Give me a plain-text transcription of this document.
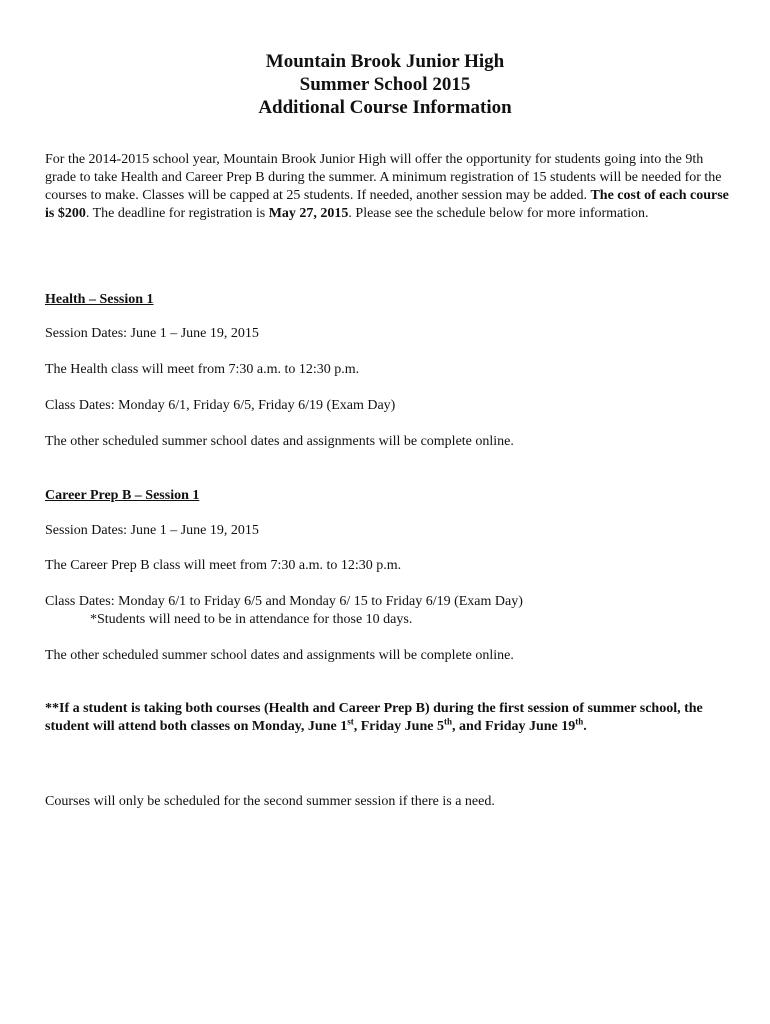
Mountain Brook Junior High

Summer School 2015

Additional Course Information

For the 2014-2015 school year, Mountain Brook Junior High will offer the opportunity for students going into the 9th grade to take Health and Career Prep B during the summer. A minimum registration of 15 students will be needed for the courses to make. Classes will be capped at 25 students. If needed, another session may be added. The cost of each course is $200. The deadline for registration is May 27, 2015. Please see the schedule below for more information.

Health – Session 1

Session Dates: June 1 – June 19, 2015

The Health class will meet from 7:30 a.m. to 12:30 p.m.

Class Dates: Monday 6/1, Friday 6/5, Friday 6/19 (Exam Day)

The other scheduled summer school dates and assignments will be complete online.

Career Prep B – Session 1

Session Dates: June 1 – June 19, 2015

The Career Prep B class will meet from 7:30 a.m. to 12:30 p.m.

Class Dates: Monday 6/1 to Friday 6/5 and Monday 6/ 15 to Friday 6/19 (Exam Day)
*Students will need to be in attendance for those 10 days.

The other scheduled summer school dates and assignments will be complete online.

**If a student is taking both courses (Health and Career Prep B) during the first session of summer school, the student will attend both classes on Monday, June 1st, Friday June 5th, and Friday June 19th.

Courses will only be scheduled for the second summer session if there is a need.
